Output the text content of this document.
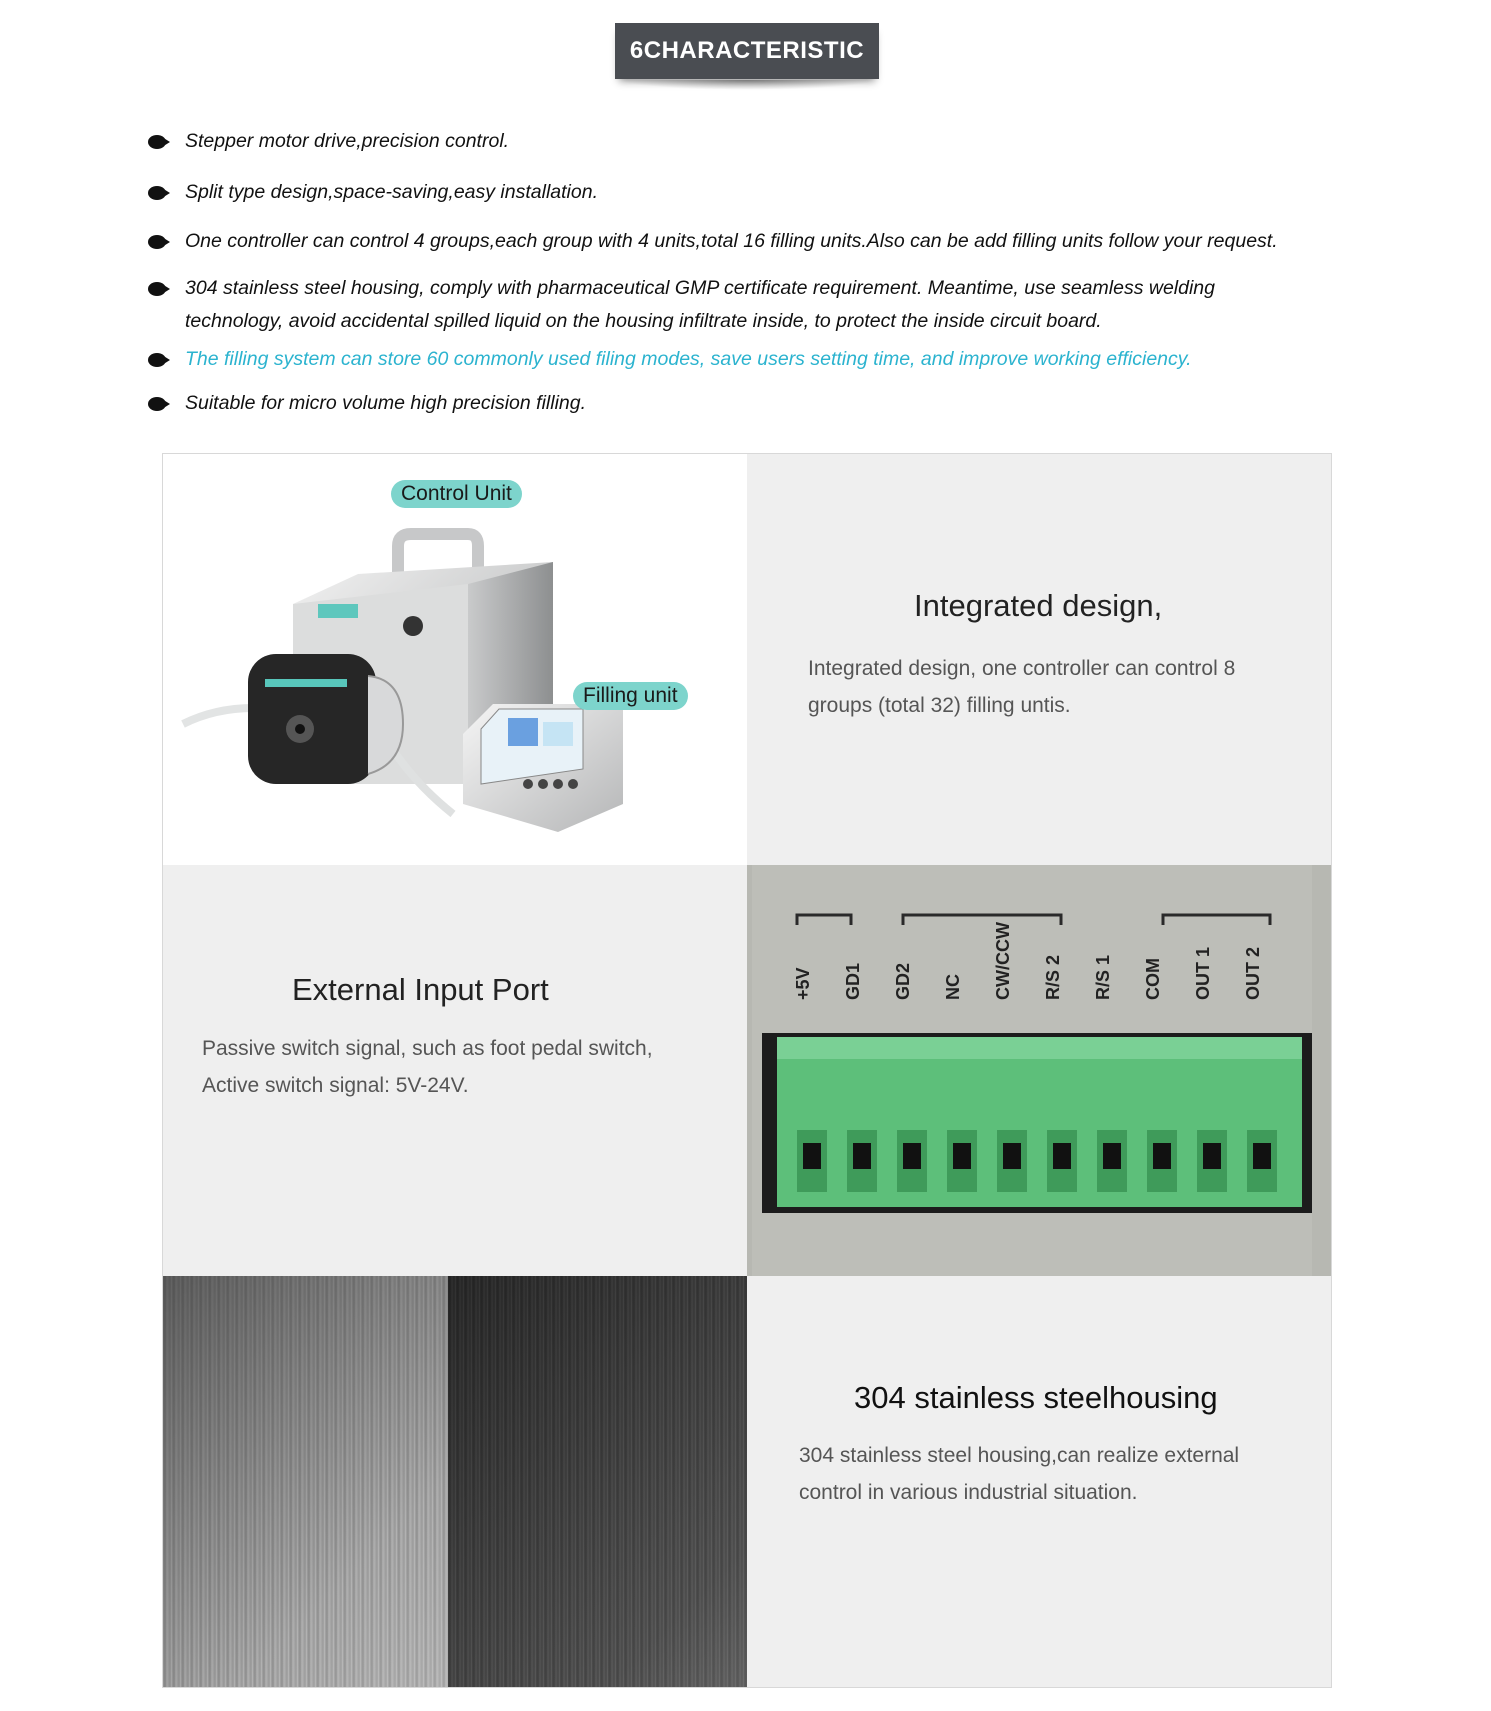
6CHARACTERISTIC
Stepper motor drive,precision control.
Split type design,space-saving,easy installation.
One controller can control 4 groups,each group with 4 units,total 16 filling units.Also can be add filling units follow your request.
304 stainless steel housing, comply with pharmaceutical GMP certificate requirement. Meantime, use seamless welding technology, avoid accidental spilled liquid on the housing infiltrate inside, to protect the inside circuit board.
The filling system can store 60 commonly used filing modes, save users setting time, and improve working efficiency.
Suitable for micro volume high precision filling.
Control Unit
Filling unit
Integrated design,
Integrated design, one controller can control 8
groups (total 32) filling untis.
External Input Port
Passive switch signal, such as foot pedal switch,
Active switch signal: 5V-24V.
+5V GD1 GD2 NC CW/CCW R/S 2 R/S 1 COM OUT 1 OUT 2
304 stainless steelhousing
304 stainless steel housing,can realize external
control in various industrial situation.
